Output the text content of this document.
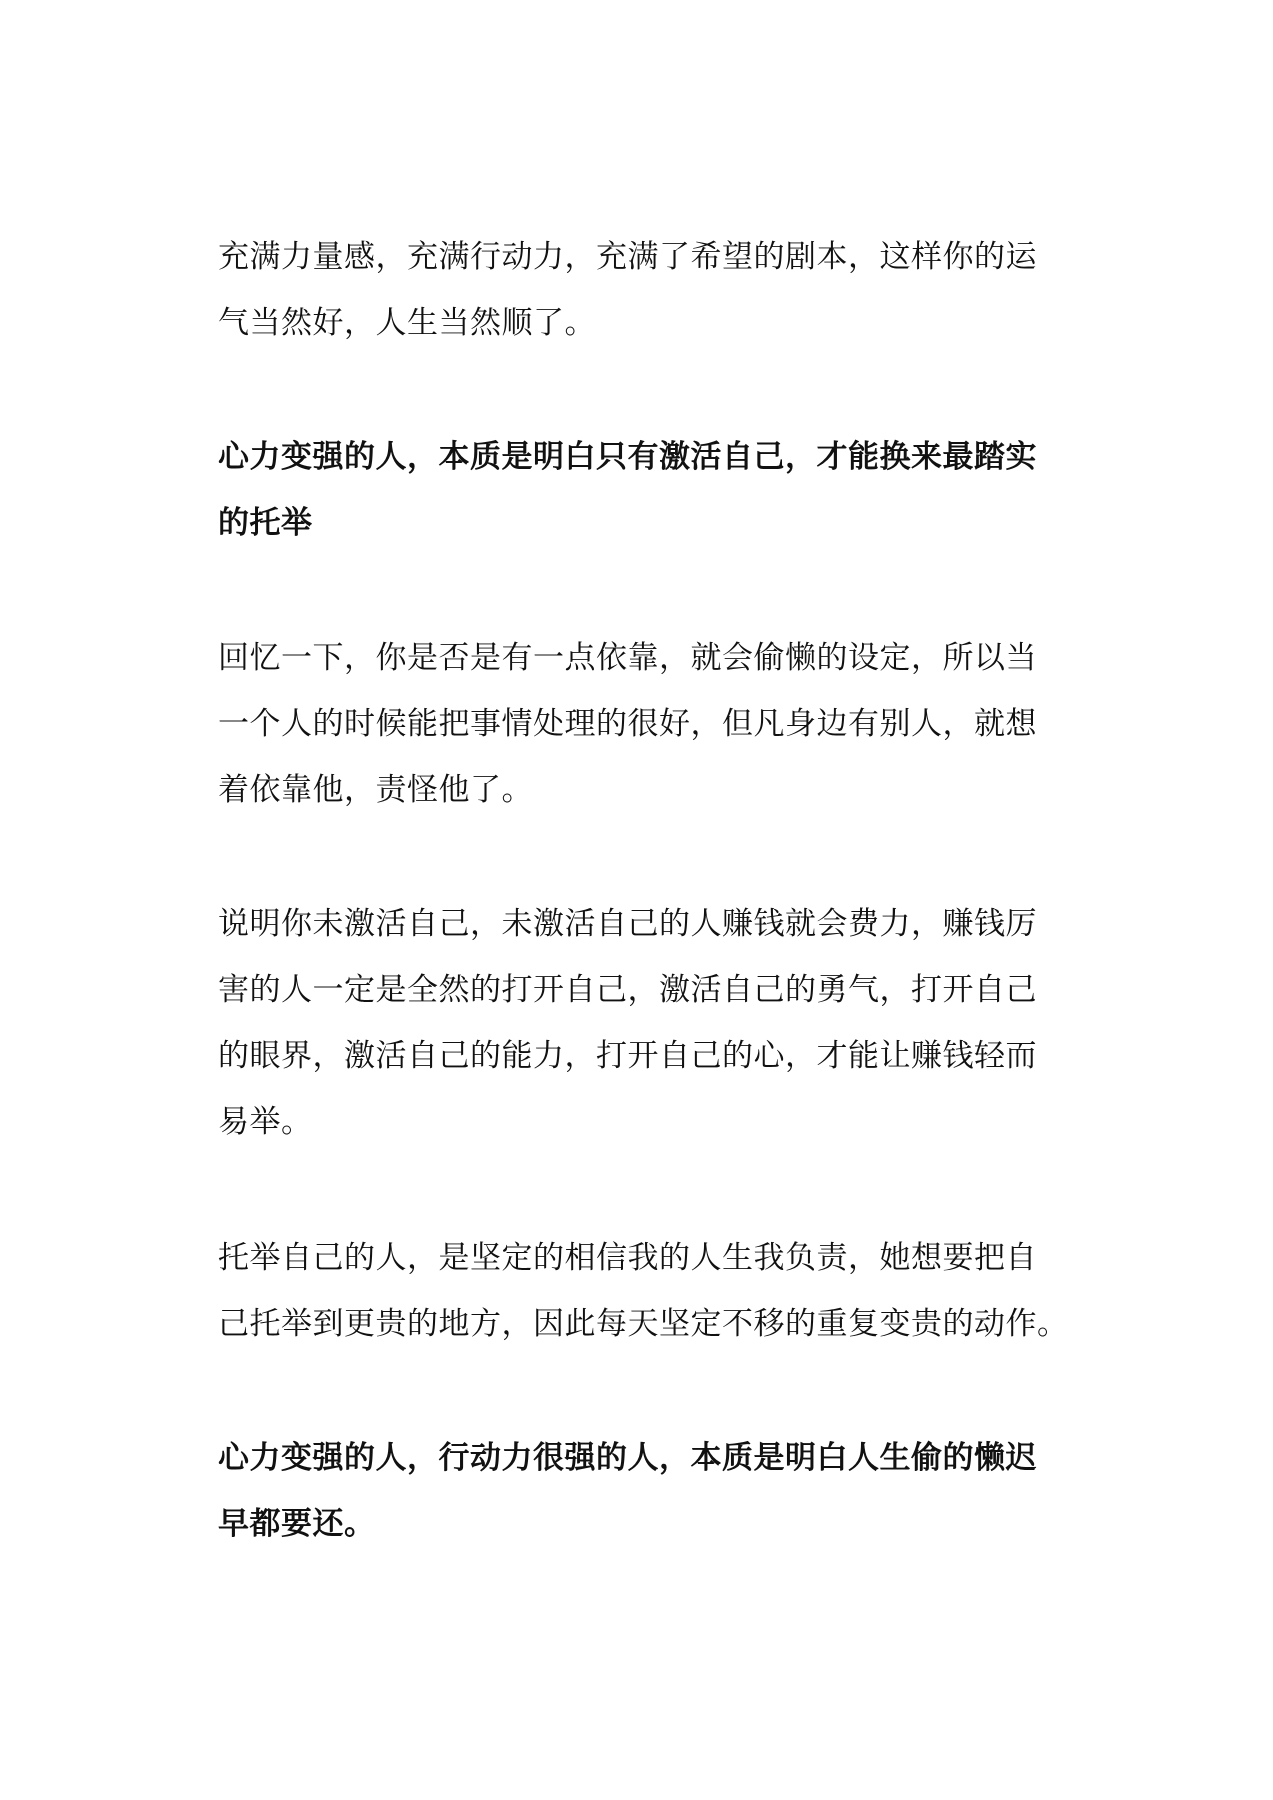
充满力量感，充满行动力，充满了希望的剧本，这样你的运
气当然好，人生当然顺了。

心力变强的人，本质是明白只有激活自己，才能换来最踏实
的托举

回忆一下，你是否是有一点依靠，就会偷懒的设定，所以当
一个人的时候能把事情处理的很好，但凡身边有别人，就想
着依靠他，责怪他了。

说明你未激活自己，未激活自己的人赚钱就会费力，赚钱厉
害的人一定是全然的打开自己，激活自己的勇气，打开自己
的眼界，激活自己的能力，打开自己的心，才能让赚钱轻而
易举。

托举自己的人，是坚定的相信我的人生我负责，她想要把自
己托举到更贵的地方，因此每天坚定不移的重复变贵的动作。

心力变强的人，行动力很强的人，本质是明白人生偷的懒迟
早都要还。
